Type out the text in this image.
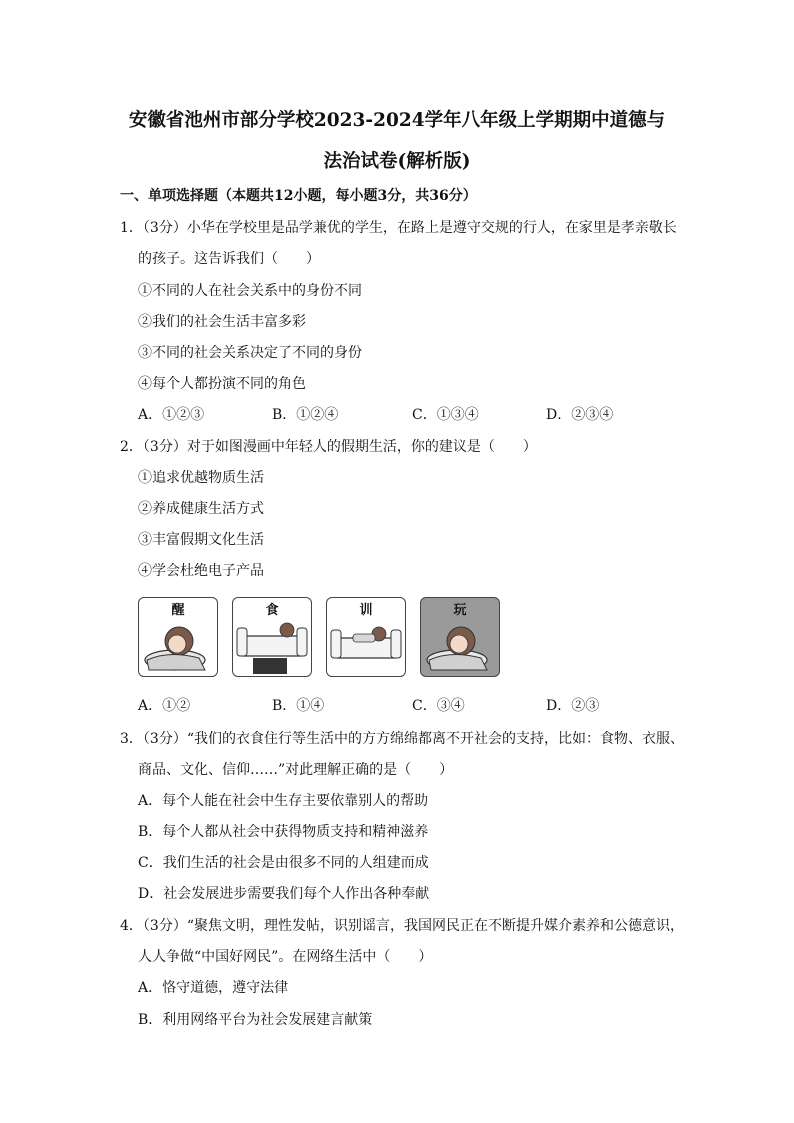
安徽省池州市部分学校2023-2024学年八年级上学期期中道德与
法治试卷(解析版)
一、单项选择题（本题共12小题，每小题3分，共36分）
1．（3分）小华在学校里是品学兼优的学生，在路上是遵守交规的行人，在家里是孝亲敬长
的孩子。这告诉我们（　　）
①不同的人在社会关系中的身份不同
②我们的社会生活丰富多彩
③不同的社会关系决定了不同的身份
④每个人都扮演不同的角色
A．①②③	B．①②④	C．①③④	D．②③④
2．（3分）对于如图漫画中年轻人的假期生活，你的建议是（　　）
①追求优越物质生活
②养成健康生活方式
③丰富假期文化生活
④学会杜绝电子产品
醒	食	训	玩
A．①②	B．①④	C．③④	D．②③
3．（3分）“我们的衣食住行等生活中的方方绵绵都离不开社会的支持，比如：食物、衣服、
商品、文化、信仰……”对此理解正确的是（　　）
A．每个人能在社会中生存主要依靠别人的帮助
B．每个人都从社会中获得物质支持和精神滋养
C．我们生活的社会是由很多不同的人组建而成
D．社会发展进步需要我们每个人作出各种奉献
4．（3分）“聚焦文明，理性发帖，识别谣言，我国网民正在不断提升媒介素养和公德意识，
人人争做“中国好网民”。在网络生活中（　　）
A．恪守道德，遵守法律
B．利用网络平台为社会发展建言献策
